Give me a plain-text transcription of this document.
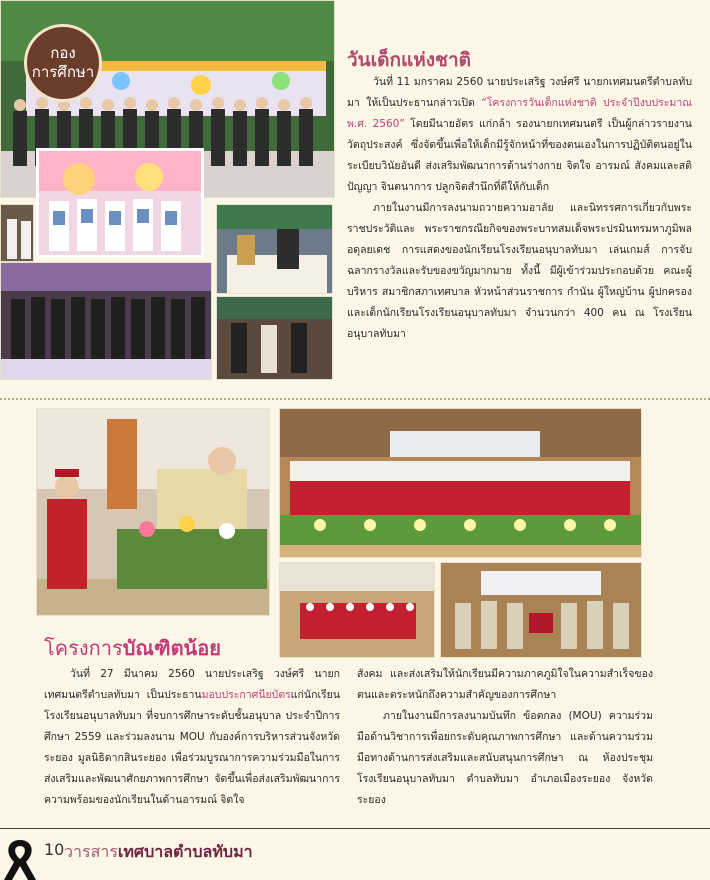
กอง
การศึกษา
วันเด็กแห่งชาติ

วันที่ 11 มกราคม 2560 นายประเสริฐ วงษ์ศรี นายกเทศมนตรีตำบลทับมา ให้เป็นประธานกล่าวเปิด “โครงการวันเด็กแห่งชาติ ประจำปีงบประมาณ พ.ศ. 2560” โดยมีนายอัตร แก่กล้า รองนายกเทศมนตรี เป็นผู้กล่าวรายงานวัตถุประสงค์ ซึ่งจัดขึ้นเพื่อให้เด็กมีรู้จักหน้าที่ของตนเองในการปฏิบัติตนอยู่ในระเบียบวินัยอันดี ส่งเสริมพัฒนาการด้านร่างกาย จิตใจ อารมณ์ สังคมและสติปัญญา จินตนาการ ปลูกจิตสำนึกที่ดีให้กับเด็ก

ภายในงานมีการลงนามถวายความอาลัย และนิทรรศการเกี่ยวกับพระราชประวัติและ พระราชกรณียกิจของพระบาทสมเด็จพระปรมินทรมหาภูมิพลอดุลยเดช การแสดงของนักเรียนโรงเรียนอนุบาลทับมา เล่นเกมส์ การจับฉลากรางวัลและรับของขวัญมากมาย ทั้งนี้ มีผู้เข้าร่วมประกอบด้วย คณะผู้บริหาร สมาชิกสภาเทศบาล หัวหน้าส่วนราชการ กำนัน ผู้ใหญ่บ้าน ผู้ปกครอง และเด็กนักเรียนโรงเรียนอนุบาลทับมา จำนวนกว่า 400 คน ณ โรงเรียนอนุบาลทับมา

โครงการบัณฑิตน้อย

วันที่ 27 มีนาคม 2560 นายประเสริฐ วงษ์ศรี นายกเทศมนตรีตำบลทับมา เป็นประธานมอบประกาศนียบัตรแก่นักเรียนโรงเรียนอนุบาลทับมา ที่จบการศึกษาระดับชั้นอนุบาล ประจำปีการศึกษา 2559 และร่วมลงนาม MOU กับองค์การบริหารส่วนจังหวัดระยอง มูลนิธิดากสินระยอง เพื่อร่วมบูรณาการความร่วมมือในการส่งเสริมและพัฒนาศักยภาพการศึกษา จัดขึ้นเพื่อส่งเสริมพัฒนาการความพร้อมของนักเรียนในด้านอารมณ์ จิตใจ

สังคม และส่งเสริมให้นักเรียนมีความภาคภูมิใจในความสำเร็จของตนและตระหนักถึงความสำคัญของการศึกษา

ภายในงานมีการลงนามบันทึก ข้อตกลง (MOU) ความร่วมมือด้านวิชาการเพื่อยกระดับคุณภาพการศึกษา และด้านความร่วมมือทางด้านการส่งเสริมและสนับสนุนการศึกษา ณ ห้องประชุมโรงเรียนอนุบาลทับมา ตำบลทับมา อำเภอเมืองระยอง จังหวัดระยอง

10 วารสารเทศบาลตำบลทับมา
